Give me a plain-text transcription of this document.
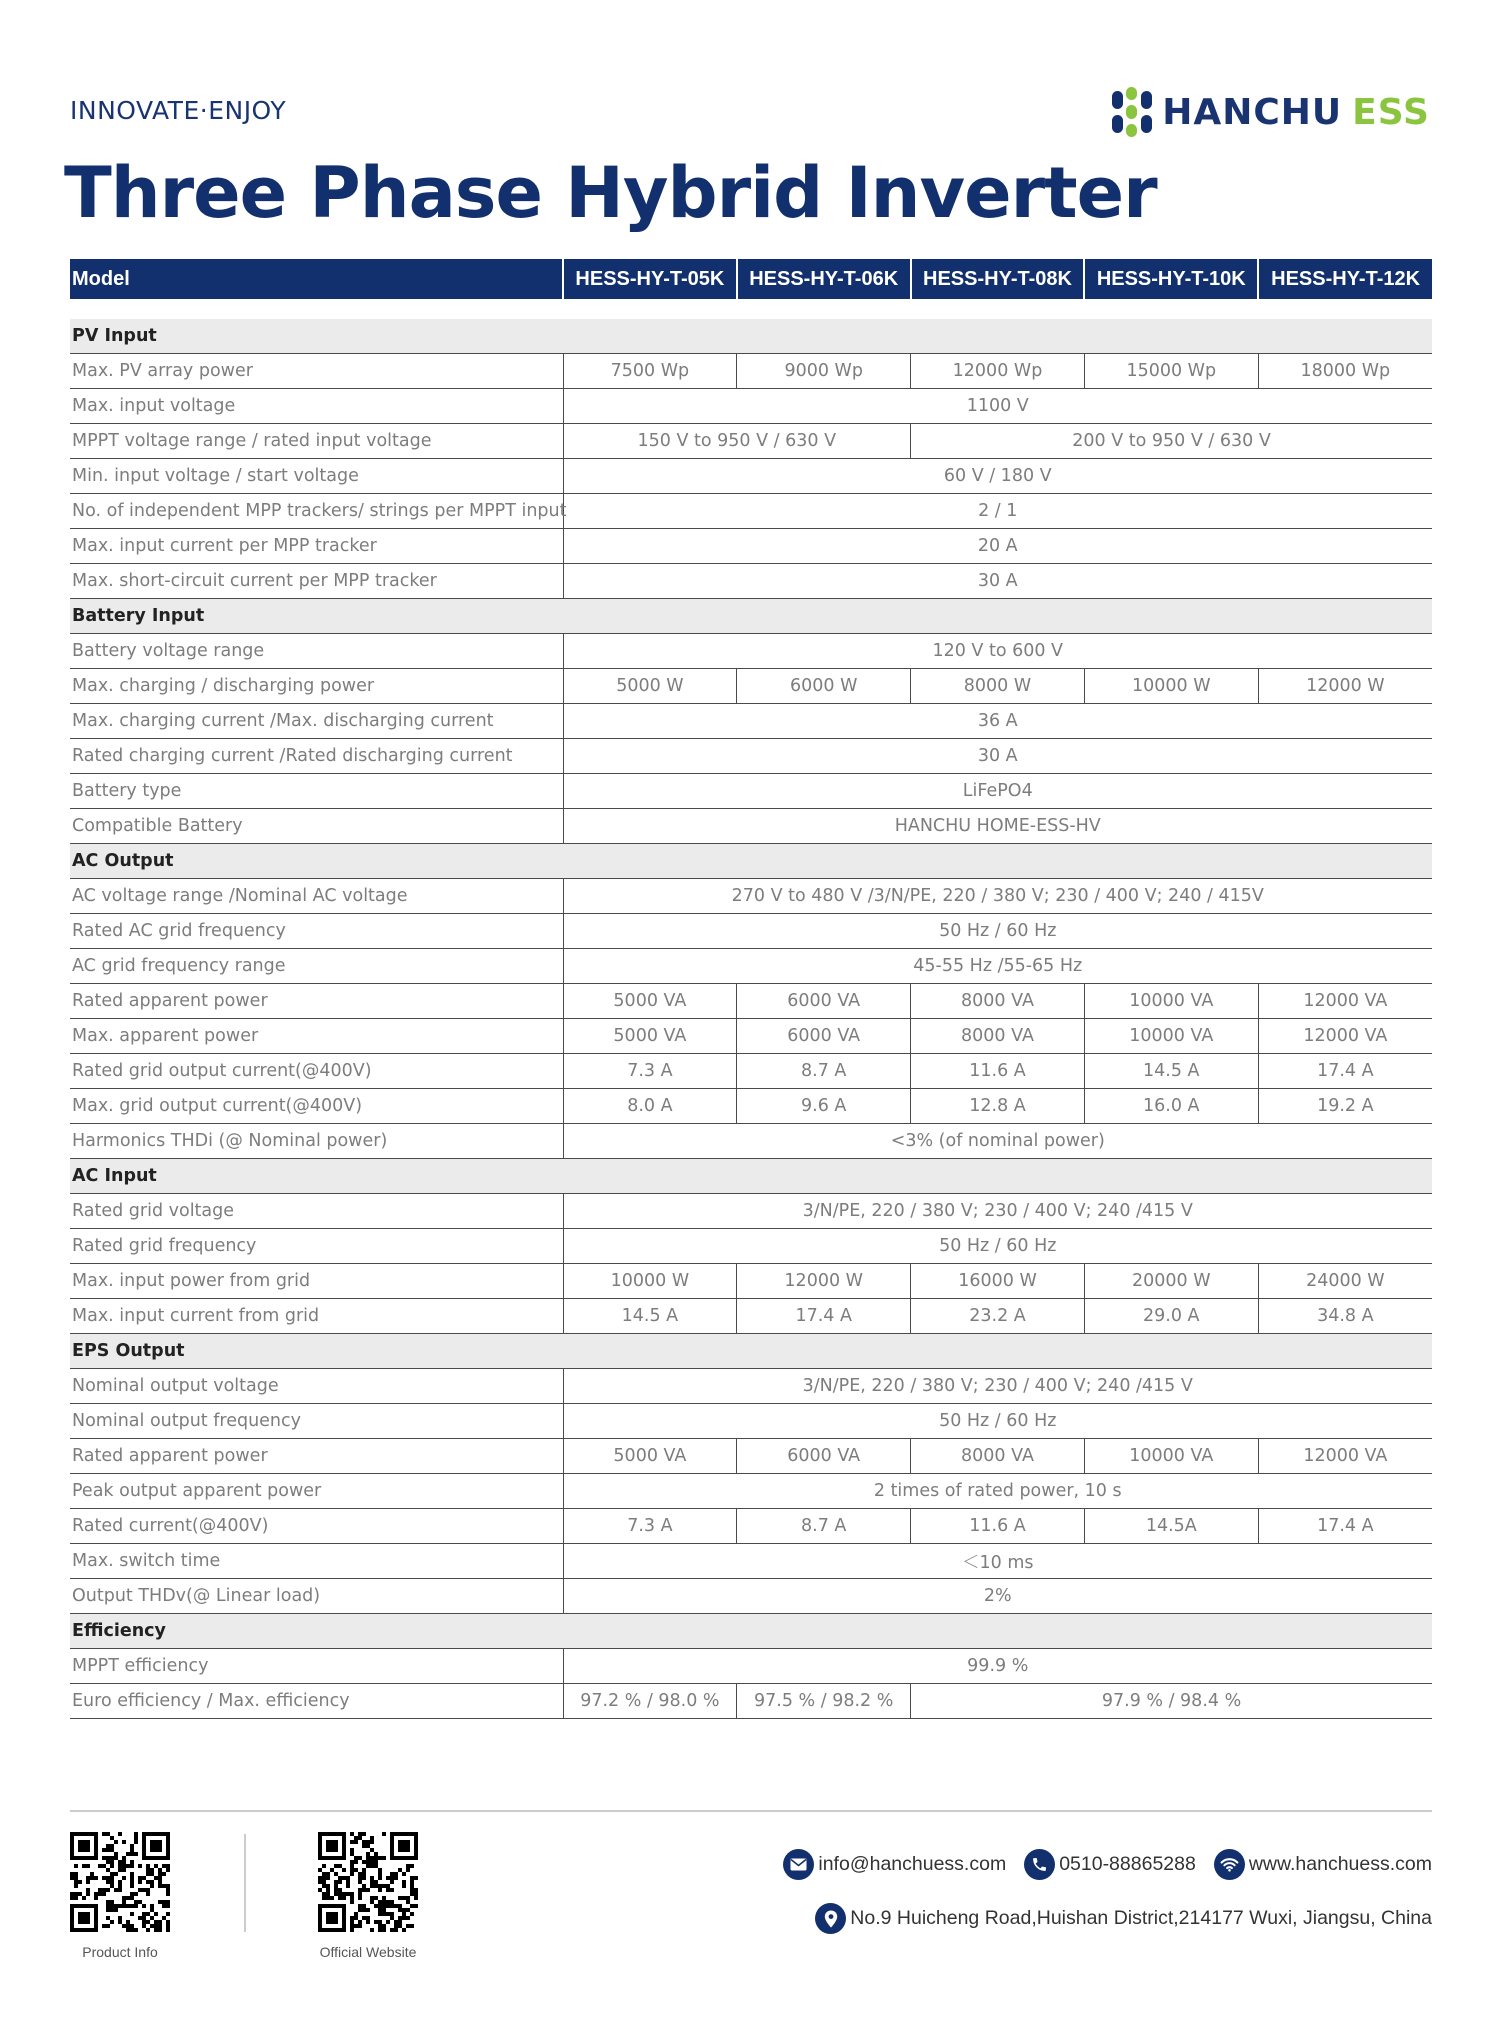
INNOVATE·ENJOY	HANCHU ESS
Three Phase Hybrid Inverter
Model	HESS-HY-T-05K	HESS-HY-T-06K	HESS-HY-T-08K	HESS-HY-T-10K	HESS-HY-T-12K

PV Input					
Max. PV array power	7500 Wp	9000 Wp	12000 Wp	15000 Wp	18000 Wp
Max. input voltage	1100 V				
MPPT voltage range / rated input voltage	150 V to 950 V / 630 V		200 V to 950 V / 630 V		
Min. input voltage / start voltage	60 V / 180 V				
No. of independent MPP trackers/ strings per MPPT input	2 / 1				
Max. input current per MPP tracker	20 A				
Max. short-circuit current per MPP tracker	30 A				
Battery Input					
Battery voltage range	120 V to 600 V				
Max. charging / discharging power	5000 W	6000 W	8000 W	10000 W	12000 W
Max. charging current /Max. discharging current	36 A				
Rated charging current /Rated discharging current	30 A				
Battery type	LiFePO4				
Compatible Battery	HANCHU HOME-ESS-HV				
AC Output					
AC voltage range /Nominal AC voltage	270 V to 480 V /3/N/PE, 220 / 380 V; 230 / 400 V; 240 / 415V				
Rated AC grid frequency	50 Hz / 60 Hz				
AC grid frequency range	45-55 Hz /55-65 Hz				
Rated apparent power	5000 VA	6000 VA	8000 VA	10000 VA	12000 VA
Max. apparent power	5000 VA	6000 VA	8000 VA	10000 VA	12000 VA
Rated grid output current(@400V)	7.3 A	8.7 A	11.6 A	14.5 A	17.4 A
Max. grid output current(@400V)	8.0 A	9.6 A	12.8 A	16.0 A	19.2 A
Harmonics THDi (@ Nominal power)	<3% (of nominal power)				
AC Input					
Rated grid voltage	3/N/PE, 220 / 380 V; 230 / 400 V; 240 /415 V				
Rated grid frequency	50 Hz / 60 Hz				
Max. input power from grid	10000 W	12000 W	16000 W	20000 W	24000 W
Max. input current from grid	14.5 A	17.4 A	23.2 A	29.0 A	34.8 A
EPS Output					
Nominal output voltage	3/N/PE, 220 / 380 V; 230 / 400 V; 240 /415 V				
Nominal output frequency	50 Hz / 60 Hz				
Rated apparent power	5000 VA	6000 VA	8000 VA	10000 VA	12000 VA
Peak output apparent power	2 times of rated power, 10 s				
Rated current(@400V)	7.3 A	8.7 A	11.6 A	14.5A	17.4 A
Max. switch time	＜10 ms				
Output THDv(@ Linear load)	2%				
Efficiency					
MPPT efficiency	99.9 %				
Euro efficiency / Max. efficiency	97.2 % / 98.0 %	97.5 % / 98.2 %	97.9 % / 98.4 %		
Product Info	Official Website
info@hanchuess.com	0510-88865288	www.hanchuess.com
No.9 Huicheng Road,Huishan District,214177 Wuxi, Jiangsu, China
